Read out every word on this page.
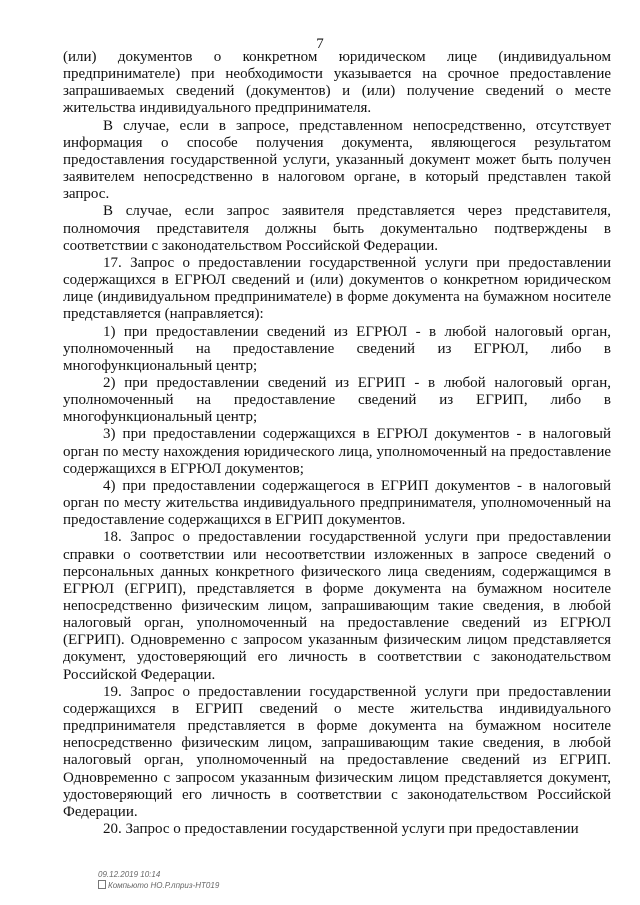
7

(или) документов о конкретном юридическом лице (индивидуальном предпринимателе) при необходимости указывается на срочное предоставление запрашиваемых сведений (документов) и (или) получение сведений о месте жительства индивидуального предпринимателя.

В случае, если в запросе, представленном непосредственно, отсутствует информация о способе получения документа, являющегося результатом предоставления государственной услуги, указанный документ может быть получен заявителем непосредственно в налоговом органе, в который представлен такой запрос.

В случае, если запрос заявителя представляется через представителя, полномочия представителя должны быть документально подтверждены в соответствии с законодательством Российской Федерации.

17. Запрос о предоставлении государственной услуги при предоставлении содержащихся в ЕГРЮЛ сведений и (или) документов о конкретном юридическом лице (индивидуальном предпринимателе) в форме документа на бумажном носителе представляется (направляется):

1) при предоставлении сведений из ЕГРЮЛ - в любой налоговый орган, уполномоченный на предоставление сведений из ЕГРЮЛ, либо в многофункциональный центр;

2) при предоставлении сведений из ЕГРИП - в любой налоговый орган, уполномоченный на предоставление сведений из ЕГРИП, либо в многофункциональный центр;

3) при предоставлении содержащихся в ЕГРЮЛ документов - в налоговый орган по месту нахождения юридического лица, уполномоченный на предоставление содержащихся в ЕГРЮЛ документов;

4) при предоставлении содержащегося в ЕГРИП документов - в налоговый орган по месту жительства индивидуального предпринимателя, уполномоченный на предоставление содержащихся в ЕГРИП документов.

18. Запрос о предоставлении государственной услуги при предоставлении справки о соответствии или несоответствии изложенных в запросе сведений о персональных данных конкретного физического лица сведениям, содержащимся в ЕГРЮЛ (ЕГРИП), представляется в форме документа на бумажном носителе непосредственно физическим лицом, запрашивающим такие сведения, в любой налоговый орган, уполномоченный на предоставление сведений из ЕГРЮЛ (ЕГРИП). Одновременно с запросом указанным физическим лицом представляется документ, удостоверяющий его личность в соответствии с законодательством Российской Федерации.

19. Запрос о предоставлении государственной услуги при предоставлении содержащихся в ЕГРИП сведений о месте жительства индивидуального предпринимателя представляется в форме документа на бумажном носителе непосредственно физическим лицом, запрашивающим такие сведения, в любой налоговый орган, уполномоченный на предоставление сведений из ЕГРИП. Одновременно с запросом указанным физическим лицом представляется документ, удостоверяющий его личность в соответствии с законодательством Российской Федерации.

20. Запрос о предоставлении государственной услуги при предоставлении

09.12.2019 10:14
Компьюто НО.Р.лприз-НТ019
